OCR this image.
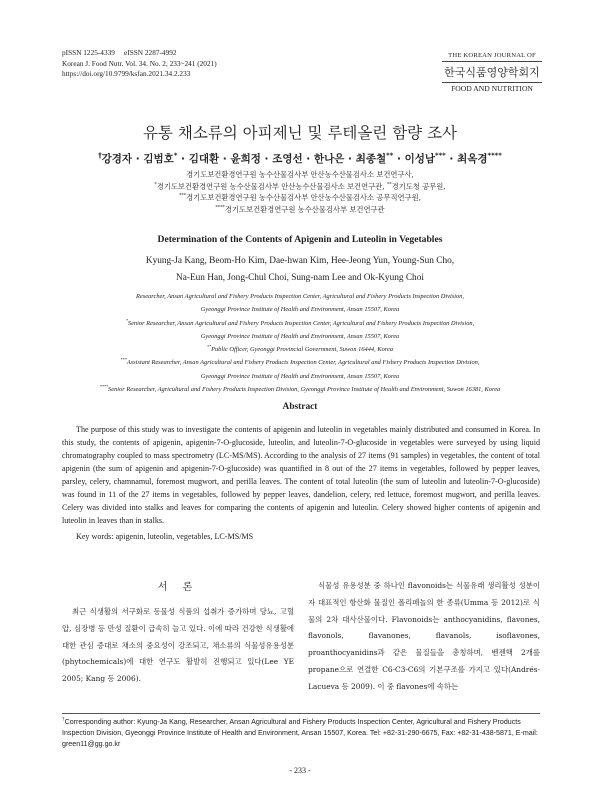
pISSN 1225-4339     eISSN 2287-4992
Korean J. Food Nutr. Vol. 34. No. 2, 233~241 (2021)
https://doi.org/10.9799/ksfan.2021.34.2.233
THE KOREAN JOURNAL OF
한국식품영양학회지
FOOD AND NUTRITION
유통 채소류의 아피제닌 및 루테올린 함량 조사
†강경자 · 김범호* · 김대환 · 윤희정 · 조영선 · 한나은 · 최종철** · 이성남*** · 최옥경****
경기도보건환경연구원 농수산물검사부 안산농수산물검사소 보건연구사,
*경기도보건환경연구원 농수산물검사부 안산농수산물검사소 보건연구관, **경기도청 공무원,
***경기도보건환경연구원 농수산물검사부 안산농수산물검사소 공무직연구원,
****경기도보건환경연구원 농수산물검사부 보건연구관
Determination of the Contents of Apigenin and Luteolin in Vegetables
Kyung-Ja Kang, Beom-Ho Kim, Dae-hwan Kim, Hee-Jeong Yun, Young-Sun Cho,
Na-Eun Han, Jong-Chul Choi, Sung-nam Lee and Ok-Kyung Choi
Researcher, Ansan Agricultural and Fishery Products Inspection Center, Agricultural and Fishery Products Inspection Division,
Gyeonggi Province Institute of Health and Environment, Ansan 15507, Korea
*Senior Researcher, Ansan Agricultural and Fishery Products Inspection Center, Agricultural and Fishery Products Inspection Division,
Gyeonggi Province Institute of Health and Environment, Ansan 15507, Korea
**Public Officer, Gyeonggi Provincial Government, Suwon 16444, Korea
***Assistant Researcher, Ansan Agricultural and Fishery Products Inspection Center, Agricultural and Fishery Products Inspection Division,
Gyeonggi Province Institute of Health and Environment, Ansan 15507, Korea
****Senior Researcher, Agricultural and Fishery Products Inspection Division, Gyeonggi Province Institute of Health and Environment, Suwon 16381, Korea
Abstract
The purpose of this study was to investigate the contents of apigenin and luteolin in vegetables mainly distributed and consumed in Korea. In this study, the contents of apigenin, apigenin-7-O-glucoside, luteolin, and luteolin-7-O-glucoside in vegetables were surveyed by using liquid chromatography coupled to mass spectrometry (LC-MS/MS). According to the analysis of 27 items (91 samples) in vegetables, the content of total apigenin (the sum of apigenin and apigenin-7-O-glucoside) was quantified in 8 out of the 27 items in vegetables, followed by pepper leaves, parsley, celery, chamnamul, foremost mugwort, and perilla leaves. The content of total luteolin (the sum of luteolin and luteolin-7-O-glucoside) was found in 11 of the 27 items in vegetables, followed by pepper leaves, dandelion, celery, red lettuce, foremost mugwort, and perilla leaves. Celery was divided into stalks and leaves for comparing the contents of apigenin and luteolin. Celery showed higher contents of apigenin and luteolin in leaves than in stalks.
Key words: apigenin, luteolin, vegetables, LC-MS/MS
서 론
최근 식생활의 서구화로 동물성 식품의 섭취가 증가하며 당뇨, 고혈압, 심장병 등 만성 질환이 급속히 늘고 있다. 이에 따라 건강한 식생활에 대한 관심 증대로 채소의 중요성이 강조되고, 채소류의 식물성유용성분(phytochemicals)에 대한 연구도 활발히 진행되고 있다(Lee YE 2005; Kang 등 2006).
식물성 유용성분 중 하나인 flavonoids는 식물유래 생리활성 성분이자 대표적인 항산화 물질인 폴리페놀의 한 종류(Umma 등 2012)로 식물의 2차 대사산물이다. Flavonoids는 anthocyanidins, flavones, flavonols, flavanones, flavanols, isoflavones, proanthocyanidins과 같은 물질들을 총칭하며, 벤젠핵 2개를 propane으로 연결한 C6-C3-C6의 기본구조를 가지고 있다(Andrés-Lacueva 등 2009). 이 중 flavones에 속하는
†Corresponding author: Kyung-Ja Kang, Researcher, Ansan Agricultural and Fishery Products Inspection Center, Agricultural and Fishery Products Inspection Division, Gyeonggi Province Institute of Health and Environment, Ansan 15507, Korea. Tel: +82-31-290-6675, Fax: +82-31-438-5871, E-mail: green11@gg.go.kr
- 233 -
